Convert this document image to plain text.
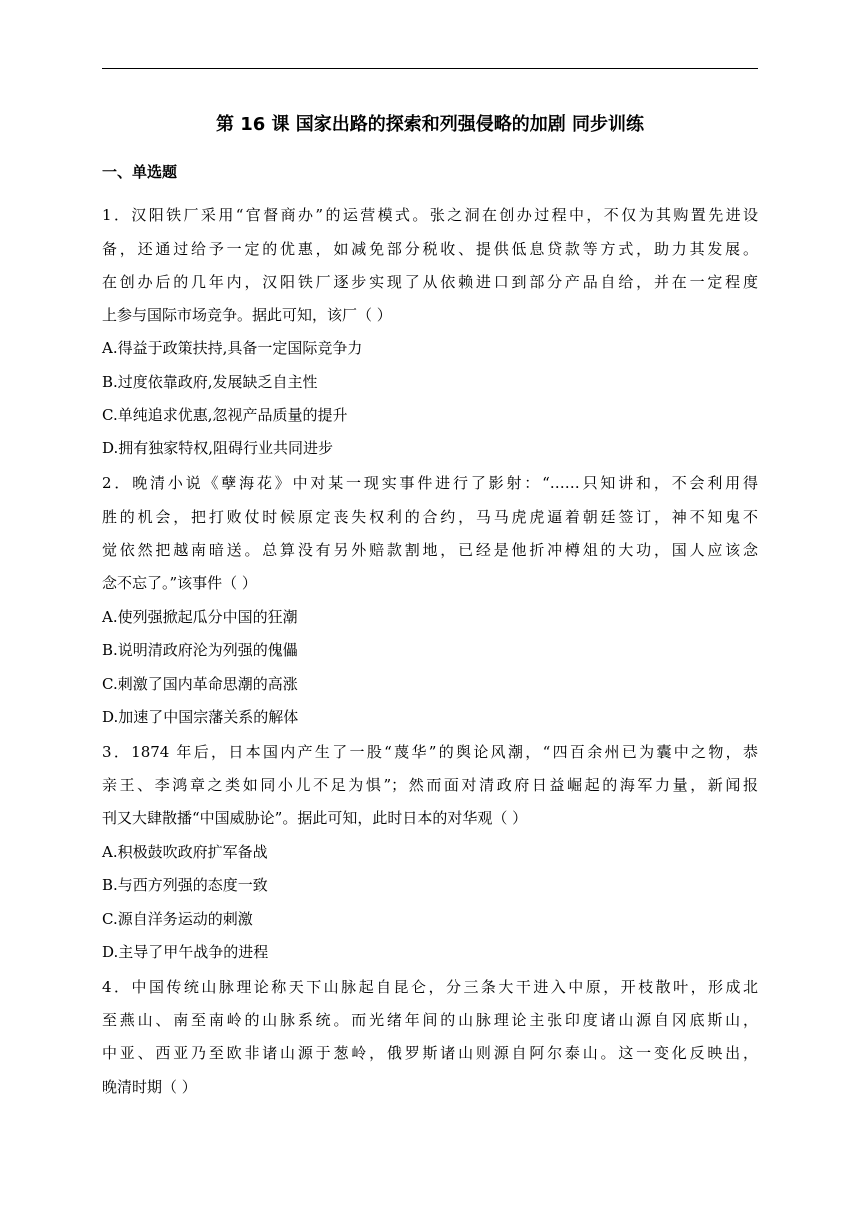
第 16 课 国家出路的探索和列强侵略的加剧 同步训练
一、单选题
1．汉阳铁厂采用“官督商办”的运营模式。张之洞在创办过程中，不仅为其购置先进设
备，还通过给予一定的优惠，如减免部分税收、提供低息贷款等方式，助力其发展。
在创办后的几年内，汉阳铁厂逐步实现了从依赖进口到部分产品自给，并在一定程度
上参与国际市场竞争。据此可知，该厂（ ）
A.得益于政策扶持,具备一定国际竞争力
B.过度依靠政府,发展缺乏自主性
C.单纯追求优惠,忽视产品质量的提升
D.拥有独家特权,阻碍行业共同进步
2．晚清小说《孽海花》中对某一现实事件进行了影射：“……只知讲和，不会利用得
胜的机会，把打败仗时候原定丧失权利的合约，马马虎虎逼着朝廷签订，神不知鬼不
觉依然把越南暗送。总算没有另外赔款割地，已经是他折冲樽俎的大功，国人应该念
念不忘了。”该事件（ ）
A.使列强掀起瓜分中国的狂潮
B.说明清政府沦为列强的傀儡
C.刺激了国内革命思潮的高涨
D.加速了中国宗藩关系的解体
3．1874 年后，日本国内产生了一股“蔑华”的舆论风潮，“四百余州已为囊中之物，恭
亲王、李鸿章之类如同小儿不足为惧”；然而面对清政府日益崛起的海军力量，新闻报
刊又大肆散播“中国威胁论”。据此可知，此时日本的对华观（ ）
A.积极鼓吹政府扩军备战
B.与西方列强的态度一致
C.源自洋务运动的刺激
D.主导了甲午战争的进程
4．中国传统山脉理论称天下山脉起自昆仑，分三条大干进入中原，开枝散叶，形成北
至燕山、南至南岭的山脉系统。而光绪年间的山脉理论主张印度诸山源自冈底斯山，
中亚、西亚乃至欧非诸山源于葱岭，俄罗斯诸山则源自阿尔泰山。这一变化反映出，
晚清时期（ ）
